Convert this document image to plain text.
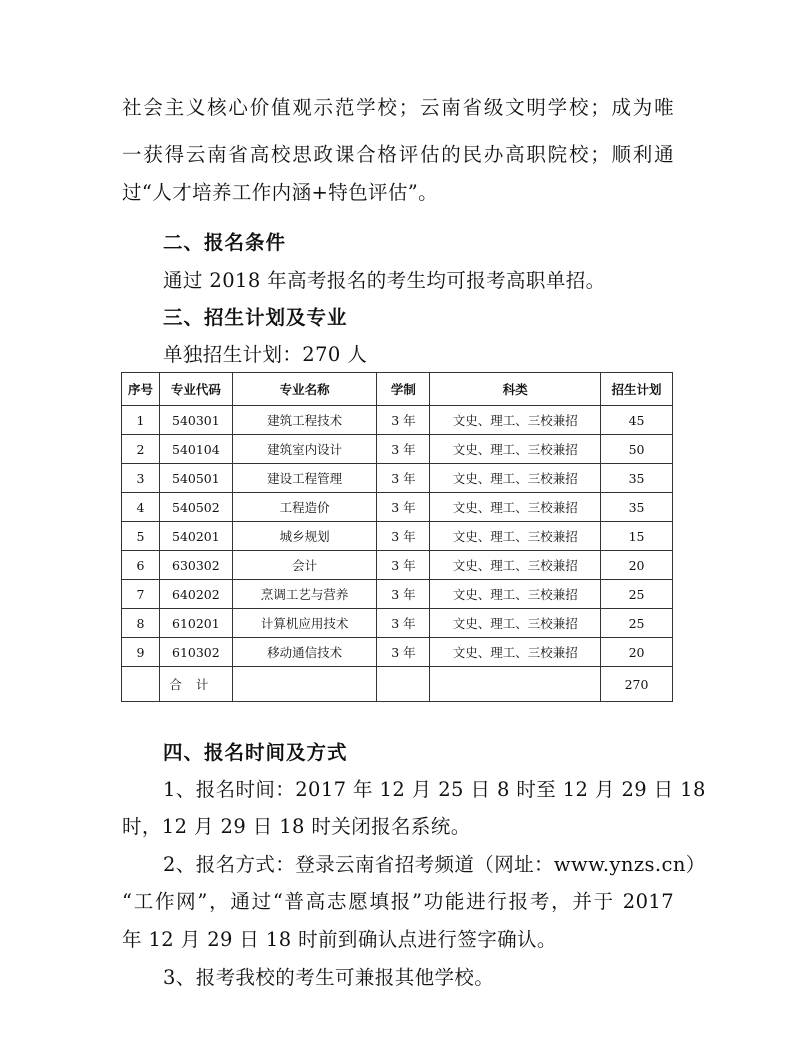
社会主义核心价值观示范学校；云南省级文明学校；成为唯
一获得云南省高校思政课合格评估的民办高职院校；顺利通
过“人才培养工作内涵+特色评估”。
二、报名条件
通过 2018 年高考报名的考生均可报考高职单招。
三、招生计划及专业
单独招生计划：270 人
序号	专业代码	专业名称	学制	科类	招生计划
1	540301	建筑工程技术	3 年	文史、理工、三校兼招	45
2	540104	建筑室内设计	3 年	文史、理工、三校兼招	50
3	540501	建设工程管理	3 年	文史、理工、三校兼招	35
4	540502	工程造价	3 年	文史、理工、三校兼招	35
5	540201	城乡规划	3 年	文史、理工、三校兼招	15
6	630302	会计	3 年	文史、理工、三校兼招	20
7	640202	烹调工艺与营养	3 年	文史、理工、三校兼招	25
8	610201	计算机应用技术	3 年	文史、理工、三校兼招	25
9	610302	移动通信技术	3 年	文史、理工、三校兼招	20
	合计				270
四、报名时间及方式
1、报名时间：2017 年 12 月 25 日 8 时至 12 月 29 日 18
时，12 月 29 日 18 时关闭报名系统。
2、报名方式：登录云南省招考频道（网址：www.ynzs.cn）
“工作网”，通过“普高志愿填报”功能进行报考，并于 2017
年 12 月 29 日 18 时前到确认点进行签字确认。
3、报考我校的考生可兼报其他学校。
